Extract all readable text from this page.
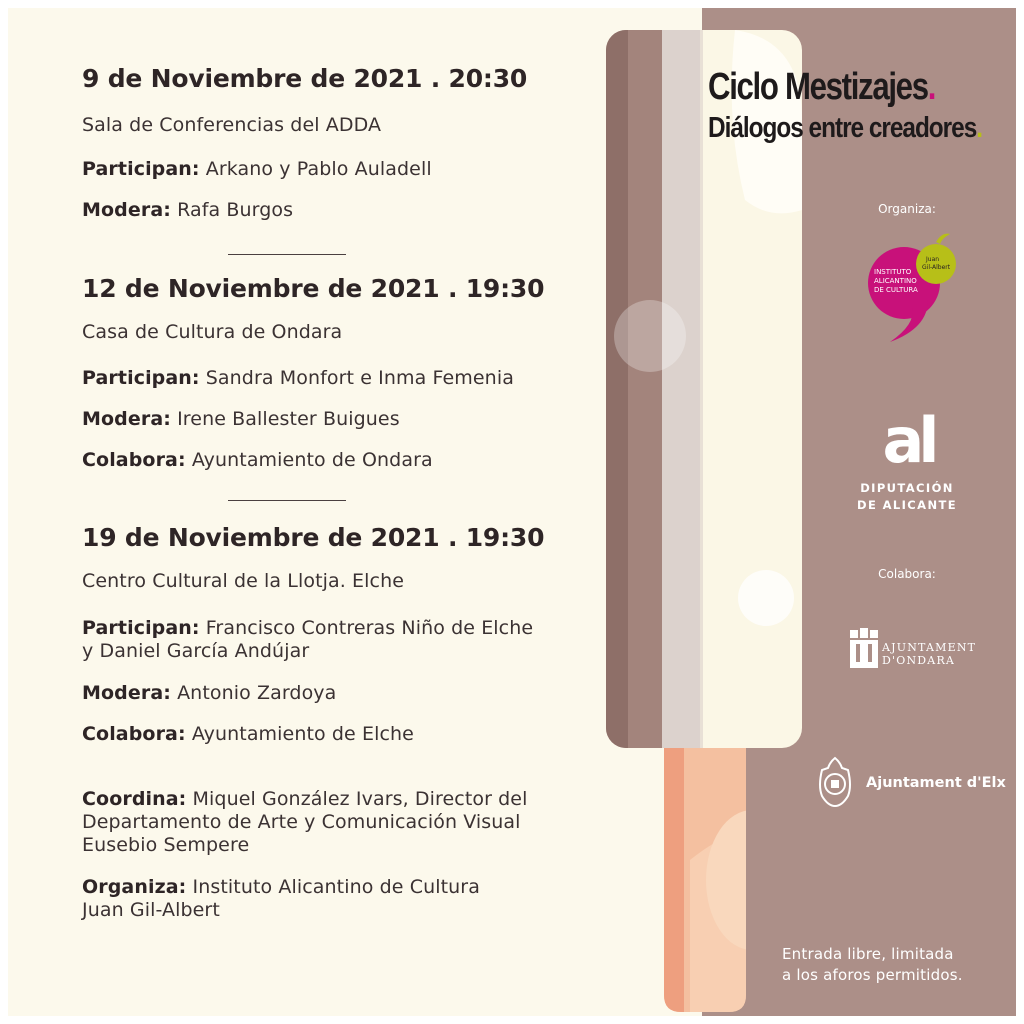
9 de Noviembre de 2021 . 20:30
Sala de Conferencias del ADDA
Participan: Arkano y Pablo Auladell
Modera: Rafa Burgos
12 de Noviembre de 2021 . 19:30
Casa de Cultura de Ondara
Participan: Sandra Monfort e Inma Femenia
Modera: Irene Ballester Buigues
Colabora: Ayuntamiento de Ondara
19 de Noviembre de 2021 . 19:30
Centro Cultural de la Llotja. Elche
Participan: Francisco Contreras Niño de Elche
y Daniel García Andújar
Modera: Antonio Zardoya
Colabora: Ayuntamiento de Elche
Coordina: Miquel González Ivars, Director del
Departamento de Arte y Comunicación Visual
Eusebio Sempere
Organiza: Instituto Alicantino de Cultura
Juan Gil-Albert
Ciclo Mestizajes.
Diálogos entre creadores.
Organiza:
INSTITUTO
ALICANTINO
DE CULTURA
Juan
Gil-Albert
al
DIPUTACIÓN
DE ALICANTE
Colabora:
AJUNTAMENT
D'ONDARA
Ajuntament d'Elx
Entrada libre, limitada
a los aforos permitidos.
